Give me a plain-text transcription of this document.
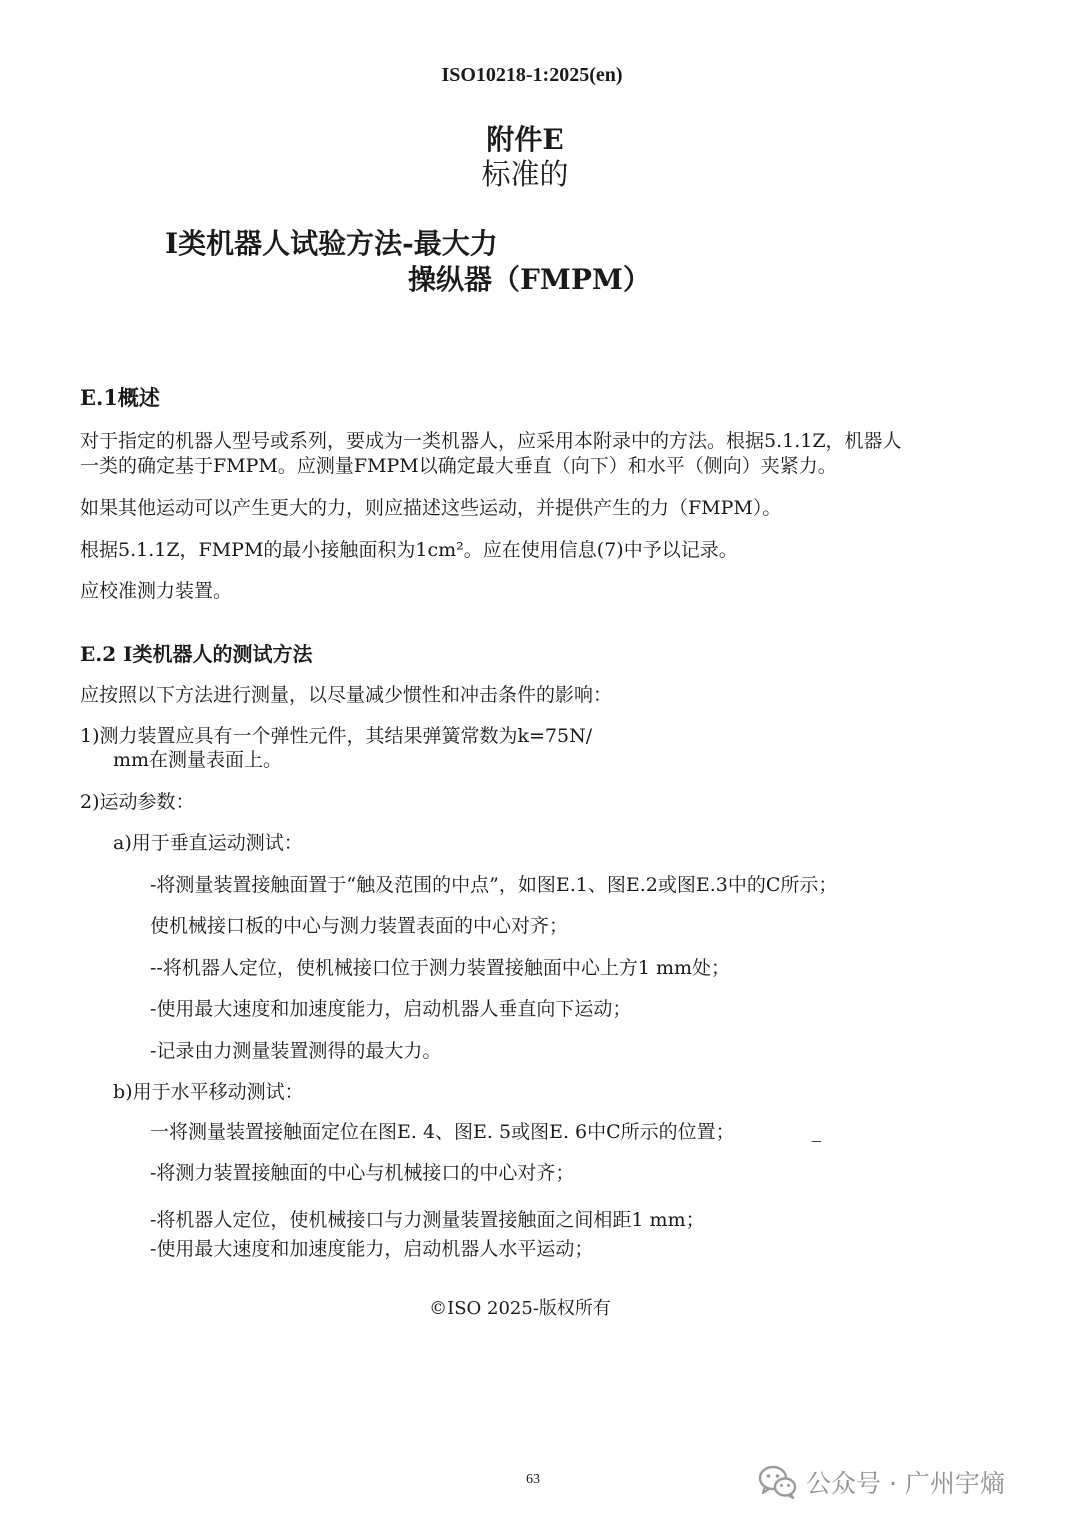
ISO10218-1:2025(en)
附件E
标准的
I类机器人试验方法-最大力
操纵器（FMPM）
E.1概述
对于指定的机器人型号或系列，要成为一类机器人，应采用本附录中的方法。根据5.1.1Z，机器人
一类的确定基于FMPM。应测量FMPM以确定最大垂直（向下）和水平（侧向）夹紧力。
如果其他运动可以产生更大的力，则应描述这些运动，并提供产生的力（FMPM）。
根据5.1.1Z，FMPM的最小接触面积为1cm²。应在使用信息(7)中予以记录。
应校准测力装置。
E.2 I类机器人的测试方法
应按照以下方法进行测量，以尽量减少惯性和冲击条件的影响：
1)测力装置应具有一个弹性元件，其结果弹簧常数为k=75N/
mm在测量表面上。
2)运动参数：
a)用于垂直运动测试：
-将测量装置接触面置于“触及范围的中点”，如图E.1、图E.2或图E.3中的C所示；
使机械接口板的中心与测力装置表面的中心对齐；
--将机器人定位，使机械接口位于测力装置接触面中心上方1 mm处；
-使用最大速度和加速度能力，启动机器人垂直向下运动；
-记录由力测量装置测得的最大力。
b)用于水平移动测试：
一将测量装置接触面定位在图E. 4、图E. 5或图E. 6中C所示的位置；	_
-将测力装置接触面的中心与机械接口的中心对齐；
-将机器人定位，使机械接口与力测量装置接触面之间相距1 mm；
-使用最大速度和加速度能力，启动机器人水平运动；
©ISO 2025-版权所有
63	公众号 · 广州宇熵
